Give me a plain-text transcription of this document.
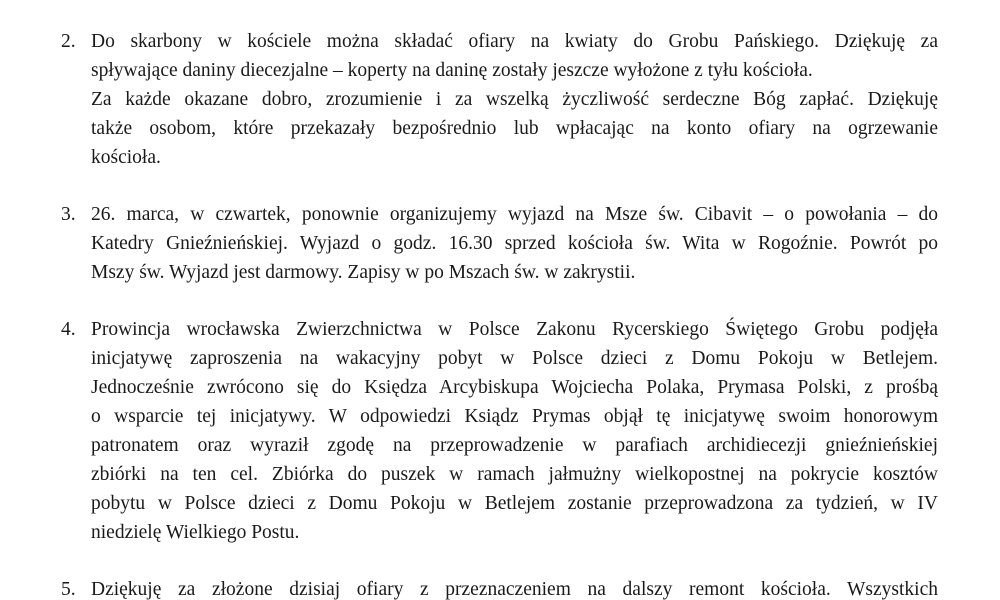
2. Do skarbony w kościele można składać ofiary na kwiaty do Grobu Pańskiego. Dziękuję za
spływające daniny diecezjalne – koperty na daninę zostały jeszcze wyłożone z tyłu kościoła.
Za każde okazane dobro, zrozumienie i za wszelką życzliwość serdeczne Bóg zapłać. Dziękuję
także osobom, które przekazały bezpośrednio lub wpłacając na konto ofiary na ogrzewanie
kościoła.
3. 26. marca, w czwartek, ponownie organizujemy wyjazd na Msze św. Cibavit – o powołania – do
Katedry Gnieźnieńskiej. Wyjazd o godz. 16.30 sprzed kościoła św. Wita w Rogoźnie. Powrót po
Mszy św. Wyjazd jest darmowy. Zapisy w po Mszach św. w zakrystii.
4. Prowincja wrocławska Zwierzchnictwa w Polsce Zakonu Rycerskiego Świętego Grobu podjęła
inicjatywę zaproszenia na wakacyjny pobyt w Polsce dzieci z Domu Pokoju w Betlejem.
Jednocześnie zwrócono się do Księdza Arcybiskupa Wojciecha Polaka, Prymasa Polski, z prośbą
o wsparcie tej inicjatywy. W odpowiedzi Ksiądz Prymas objął tę inicjatywę swoim honorowym
patronatem oraz wyraził zgodę na przeprowadzenie w parafiach archidiecezji gnieźnieńskiej
zbiórki na ten cel. Zbiórka do puszek w ramach jałmużny wielkopostnej na pokrycie kosztów
pobytu w Polsce dzieci z Domu Pokoju w Betlejem zostanie przeprowadzona za tydzień, w IV
niedzielę Wielkiego Postu.
5. Dziękuję za złożone dzisiaj ofiary z przeznaczeniem na dalszy remont kościoła. Wszystkich
